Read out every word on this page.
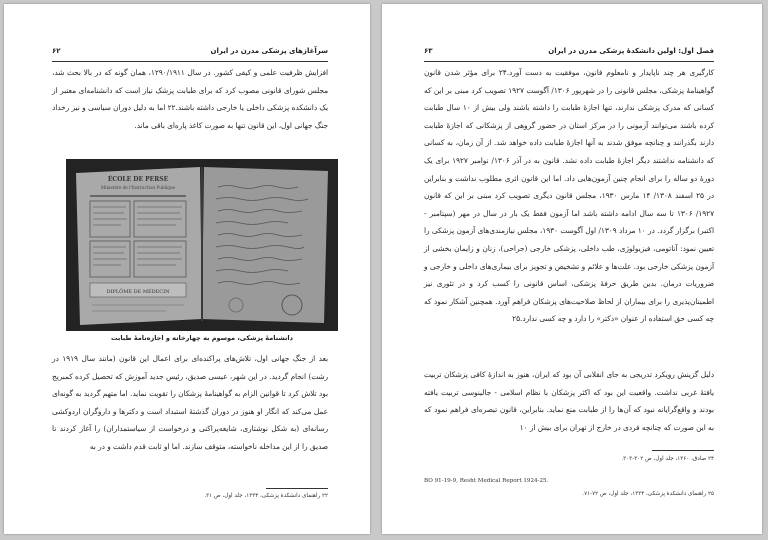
سرآغازهای پزشکی مدرن در ایران
۶۲

افزایش ظرفیت علمی و کیفی کشور. در سال ۱۲۹۰/۱۹۱۱، همان گونه که در بالا بحث شد، مجلس شورای قانونی مصوب کرد که برای طبابت پزشک نیاز است که دانشنامه‌ای معتبر از یک دانشکده پزشکی داخلی یا خارجی داشته باشند.۲۲ اما به دلیل دوران سیاسی و نیز رخداد جنگ جهانی اول، این قانون تنها به صورت کاغذ پاره‌ای باقی ماند.

ÉCOLE DE PERSE
Ministère de l'Instruction Publique
DIPLÔME DE MÉDECIN
دانشنامهٔ پزشکی، موسوم به چهارخانه و اجازه‌نامهٔ طبابت

بعد از جنگ جهانی اول، تلاش‌های پراکنده‌ای برای اعمال این قانون (مانند سال ۱۹۱۹ در رشت) انجام گردید. در این شهر، عیسی صدیق، رئیس جدید آموزش که تحصیل کرده کمبریج بود تلاش کرد تا قوانین الزام به گواهینامهٔ پزشکان را تقویت نماید. اما متهم گردید به گونه‌ای عمل می‌کند که انگار او هنوز در دوران گذشتهٔ استبداد است و دکترها و داروگران اردوکشی رسانه‌ای (به شکل نوشتاری، شایعه‌پراکنی و درخواست از سیاستمداران) را آغاز کردند تا صدیق را از این مداخله ناخواسته، متوقف سازند. اما او ثابت قدم داشت و در به

۲۲ راهنمای دانشکدهٔ پزشکی، ۱۳۳۴، جلد اول، ص ۳۱.

فصل اول: اولین دانشکدهٔ پزشکی مدرن در ایران
۶۳

کارگیری هر چند ناپایدار و نامعلوم قانون، موفقیت به دست آورد.۲۴ برای مؤثر شدن قانون گواهینامهٔ پزشکی، مجلس قانونی را در شهریور ۱۳۰۶/ آگوست ۱۹۲۷ تصویب کرد مبنی بر این که کسانی که مدرک پزشکی ندارند، تنها اجازهٔ طبابت را داشته باشند ولی بیش از ۱۰ سال طبابت کرده باشند می‌توانند آزمونی را در مرکز استان در حضور گروهی از پزشکانی که اجازهٔ طبابت دارند بگذرانند و چنانچه موفق شدند به آنها اجازهٔ طبابت داده خواهد شد. از آن زمان، به کسانی که دانشنامه نداشتند دیگر اجازهٔ طبابت داده نشد. قانون به در آذر ۱۳۰۶/ نوامبر ۱۹۲۷ برای یک دورهٔ دو ساله را برای انجام چنین آزمون‌هایی داد. اما این قانون اثری مطلوب نداشت و بنابراین در ۲۵ اسفند ۱۳۰۸/ ۱۴ مارس ۱۹۳۰، مجلس قانون دیگری تصویب کرد مبنی بر این که قانون ۱۹۲۷/ ۱۳۰۶ تا سه سال ادامه داشته باشد اما آزمون فقط یک بار در سال در مهر (سپتامبر - اکتبر) برگزار گردد. در ۱۰ مرداد ۱۳۰۹/ اول آگوست ۱۹۳۰، مجلس نیازمندی‌های آزمون پزشکی را تعیین نمود: آناتومی، فیزیولوژی، طب داخلی، پزشکی خارجی (جراحی)، زنان و زایمان بخشی از آزمون پزشکی خارجی بود. علت‌ها و علائم و تشخیص و تجویز برای بیماری‌های داخلی و خارجی و ضروریات درمان. بدین طریق حرفهٔ پزشکی، اساس قانونی را کسب کرد و در تئوری نیز اطمینان‌پذیری را برای بیماران از لحاظ صلاحیت‌های پزشکان فراهم آورد. همچنین آشکار نمود که چه کسی حق استفاده از عنوان «دکتر» را دارد و چه کسی ندارد.۲۵

دلیل گزینش رویکرد تدریجی به جای انقلابی آن بود که ایران، هنوز به اندازهٔ کافی پزشکان تربیت یافتهٔ غربی نداشت. واقعیت این بود که اکثر پزشکان با نظام اسلامی - جالینوسی تربیت یافته بودند و واقع‌گرایانه نبود که آن‌ها را از طبابت منع نماید. بنابراین، قانون تبصره‌ای فراهم نمود که به این صورت که چنانچه فردی در خارج از تهران برای بیش از ۱۰

۲۴ صادق، ۱۳۶۰، جلد اول، ص ۳۰۲-۳۰۳.

BO 91-19-9, Resht Medical Report 1924-25.

۲۵ راهنمای دانشکدهٔ پزشکی، ۱۳۳۴، جلد اول، ص ۷۲-۷۱.
